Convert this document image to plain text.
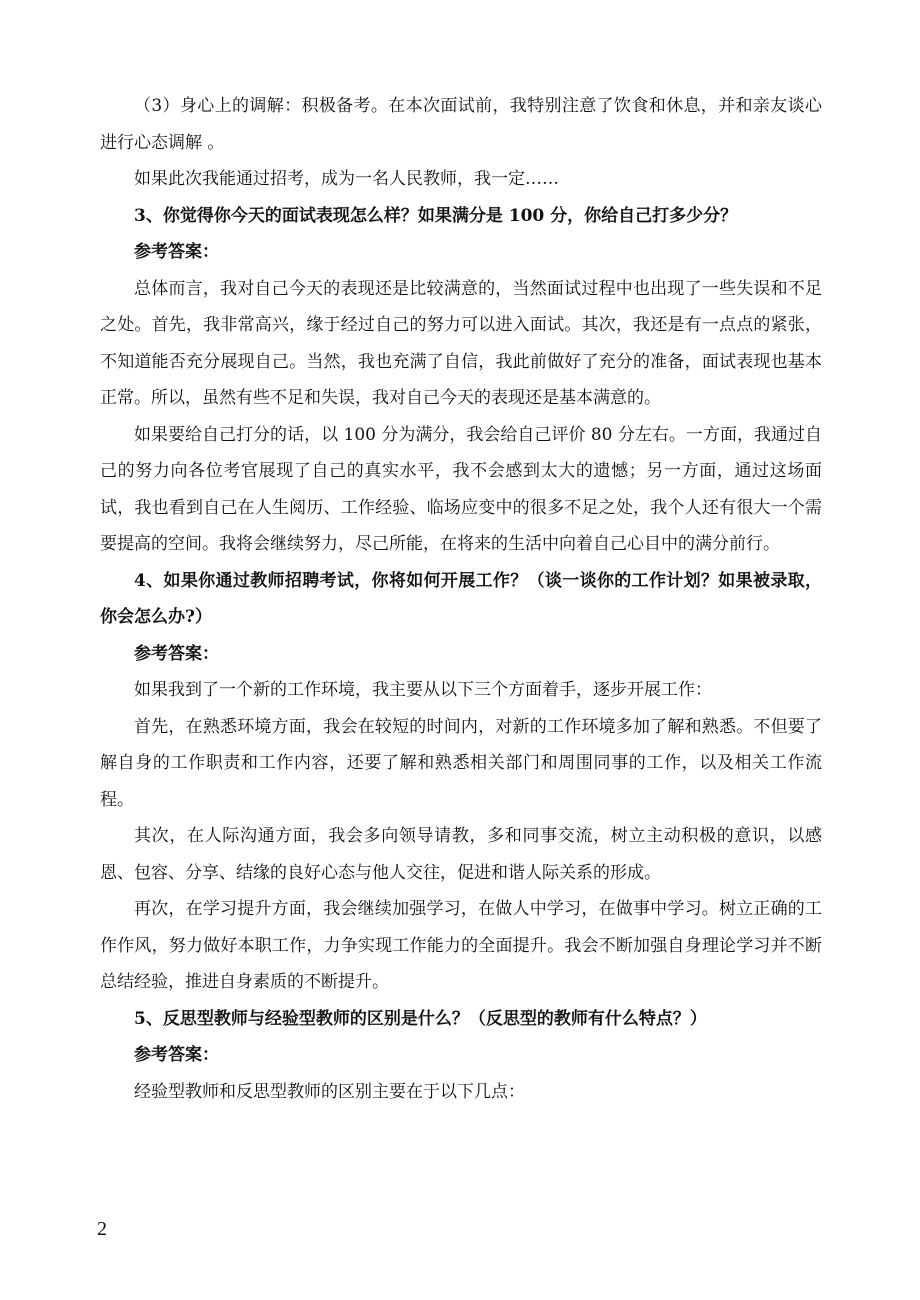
（3）身心上的调解：积极备考。在本次面试前，我特别注意了饮食和休息，并和亲友谈心进行心态调解 。

如果此次我能通过招考，成为一名人民教师，我一定……

3、你觉得你今天的面试表现怎么样？如果满分是 100 分，你给自己打多少分？

参考答案：

总体而言，我对自己今天的表现还是比较满意的，当然面试过程中也出现了一些失误和不足之处。首先，我非常高兴，缘于经过自己的努力可以进入面试。其次，我还是有一点点的紧张，不知道能否充分展现自己。当然，我也充满了自信，我此前做好了充分的准备，面试表现也基本正常。所以，虽然有些不足和失误，我对自己今天的表现还是基本满意的。

如果要给自己打分的话，以 100 分为满分，我会给自己评价 80 分左右。一方面，我通过自己的努力向各位考官展现了自己的真实水平，我不会感到太大的遗憾；另一方面，通过这场面试，我也看到自己在人生阅历、工作经验、临场应变中的很多不足之处，我个人还有很大一个需要提高的空间。我将会继续努力，尽己所能，在将来的生活中向着自己心目中的满分前行。

4、如果你通过教师招聘考试，你将如何开展工作？（谈一谈你的工作计划？如果被录取，你会怎么办?）

参考答案：

如果我到了一个新的工作环境，我主要从以下三个方面着手，逐步开展工作：

首先，在熟悉环境方面，我会在较短的时间内，对新的工作环境多加了解和熟悉。不但要了解自身的工作职责和工作内容，还要了解和熟悉相关部门和周围同事的工作，以及相关工作流程。

其次，在人际沟通方面，我会多向领导请教，多和同事交流，树立主动积极的意识，以感恩、包容、分享、结缘的良好心态与他人交往，促进和谐人际关系的形成。

再次，在学习提升方面，我会继续加强学习，在做人中学习，在做事中学习。树立正确的工作作风，努力做好本职工作，力争实现工作能力的全面提升。我会不断加强自身理论学习并不断总结经验，推进自身素质的不断提升。

5、反思型教师与经验型教师的区别是什么？（反思型的教师有什么特点？）

参考答案：

经验型教师和反思型教师的区别主要在于以下几点：

2
